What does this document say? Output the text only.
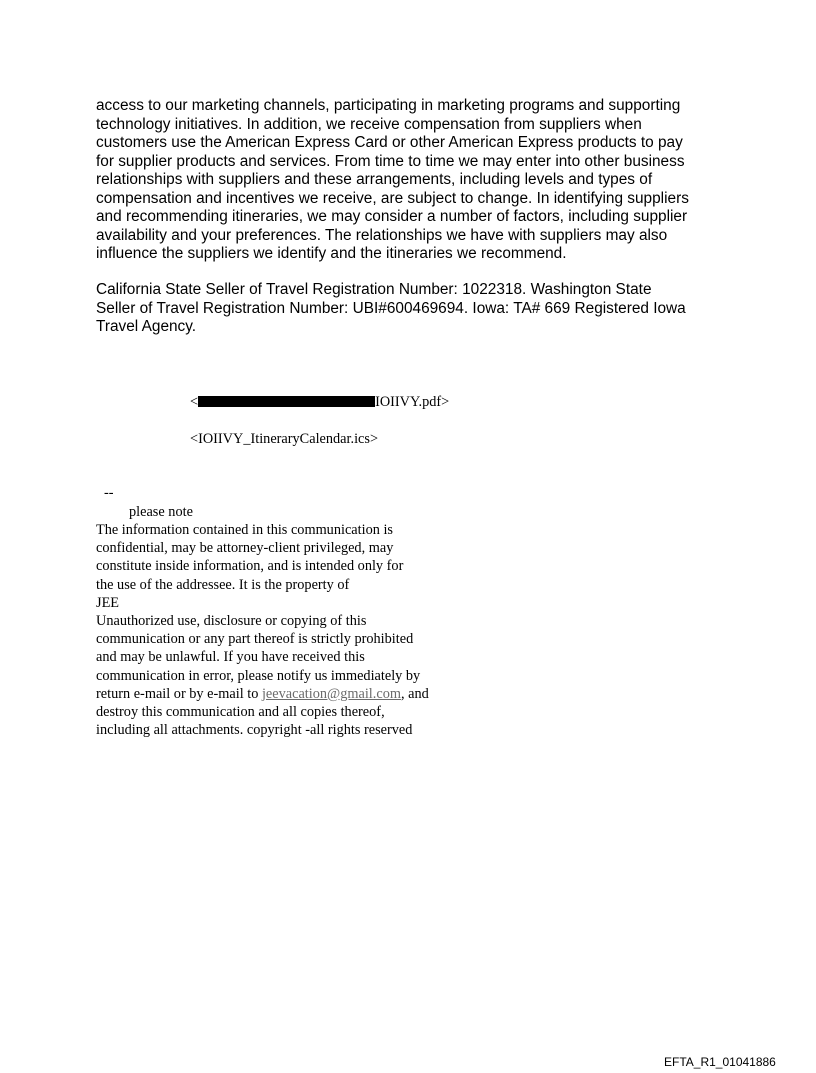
access to our marketing channels, participating in marketing programs and supporting
technology initiatives. In addition, we receive compensation from suppliers when
customers use the American Express Card or other American Express products to pay
for supplier products and services. From time to time we may enter into other business
relationships with suppliers and these arrangements, including levels and types of
compensation and incentives we receive, are subject to change. In identifying suppliers
and recommending itineraries, we may consider a number of factors, including supplier
availability and your preferences. The relationships we have with suppliers may also
influence the suppliers we identify and the itineraries we recommend.
California State Seller of Travel Registration Number: 1022318. Washington State
Seller of Travel Registration Number: UBI#600469694. Iowa: TA# 669 Registered Iowa
Travel Agency.
<	IOIIVY.pdf>
<IOIIVY_ItineraryCalendar.ics>
--
please note
The information contained in this communication is
confidential, may be attorney-client privileged, may
constitute inside information, and is intended only for
the use of the addressee. It is the property of
JEE
Unauthorized use, disclosure or copying of this
communication or any part thereof is strictly prohibited
and may be unlawful. If you have received this
communication in error, please notify us immediately by
return e-mail or by e-mail to jeevacation@gmail.com, and
destroy this communication and all copies thereof,
including all attachments. copyright -all rights reserved
EFTA_R1_01041886
